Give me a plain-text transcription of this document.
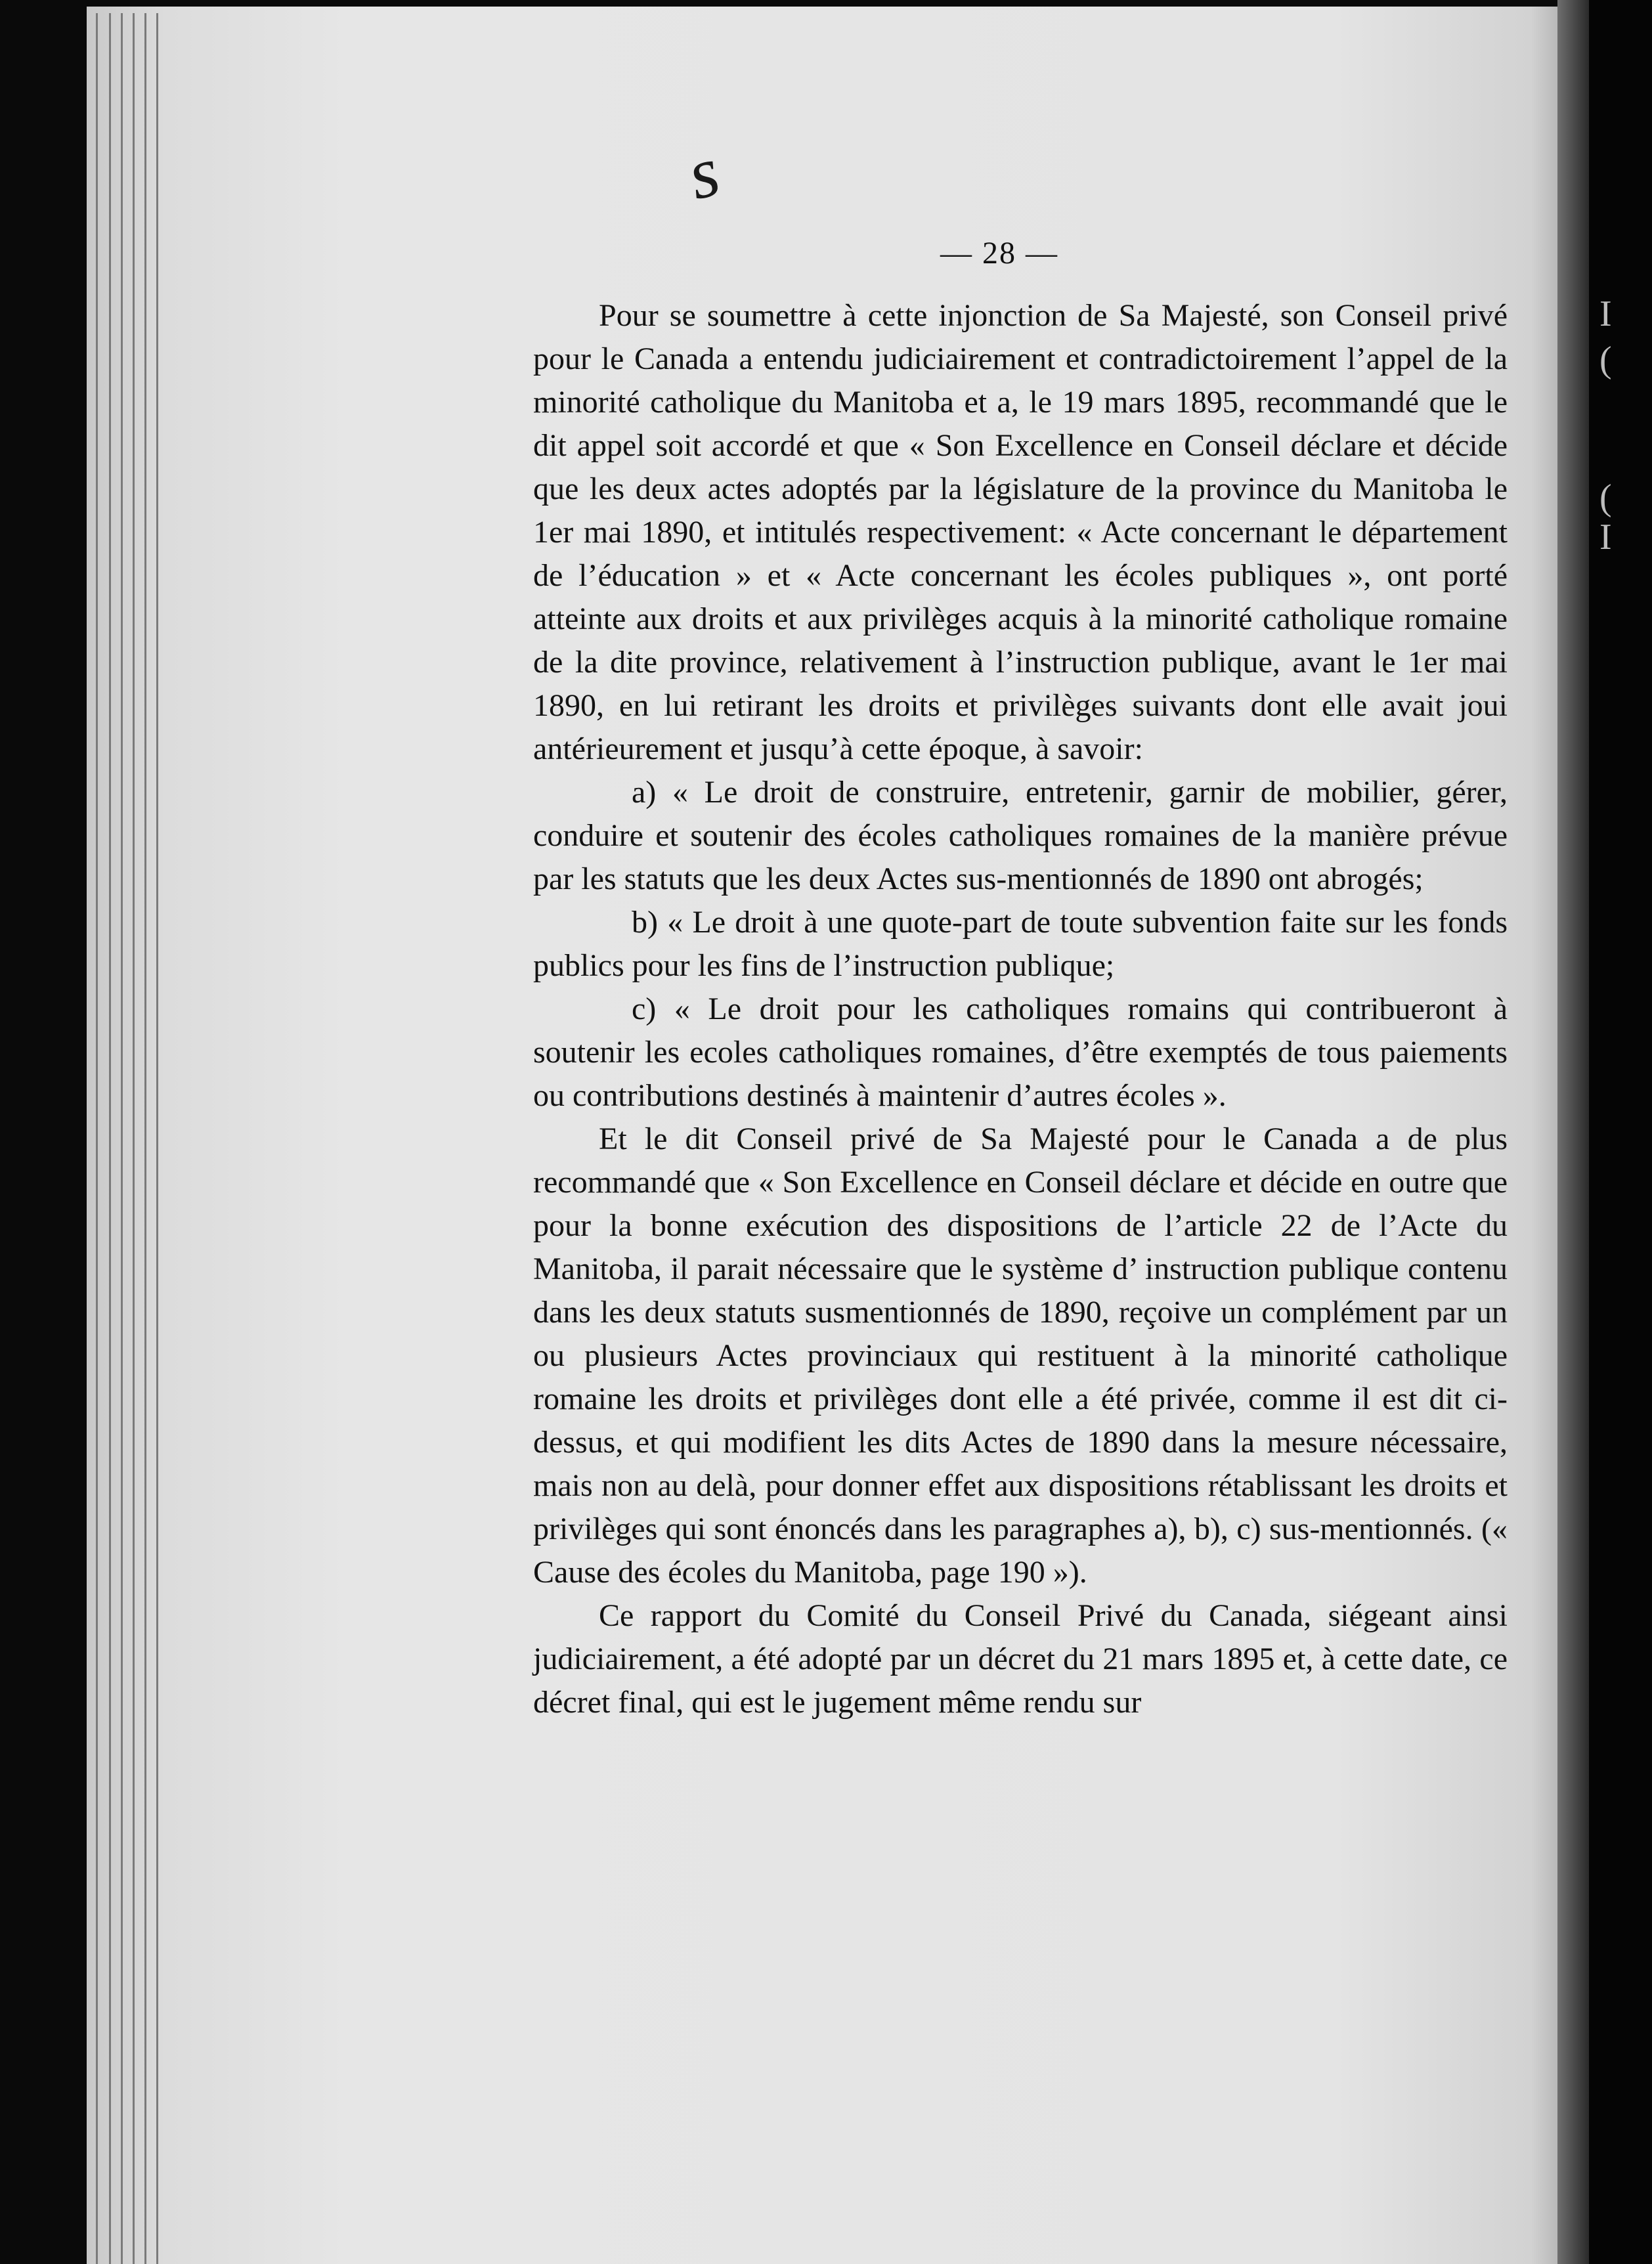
I
(
(
I
s
— 28 —

Pour se soumettre à cette injonction de Sa Majesté, son Conseil privé pour le Canada a entendu judiciairement et contradictoirement l’appel de la minorité catholique du Manitoba et a, le 19 mars 1895, recommandé que le dit appel soit accordé et que « Son Excellence en Conseil déclare et décide que les deux actes adoptés par la législature de la province du Manitoba le 1er mai 1890, et intitulés respectivement: « Acte concernant le département de l’éducation » et « Acte concernant les écoles publiques », ont porté atteinte aux droits et aux privilèges acquis à la minorité catholique romaine de la dite province, relativement à l’instruction publique, avant le 1er mai 1890, en lui retirant les droits et privilèges suivants dont elle avait joui antérieurement et jusqu’à cette époque, à savoir:

a) « Le droit de construire, entretenir, garnir de mobilier, gérer, conduire et soutenir des écoles catholiques romaines de la manière prévue par les statuts que les deux Actes sus-mentionnés de 1890 ont abrogés;

b) « Le droit à une quote-part de toute subvention faite sur les fonds publics pour les fins de l’instruction publique;

c) « Le droit pour les catholiques romains qui contribueront à soutenir les ecoles catholiques romaines, d’être exemptés de tous paiements ou contributions destinés à maintenir d’autres écoles ».

Et le dit Conseil privé de Sa Majesté pour le Canada a de plus recommandé que « Son Excellence en Conseil déclare et décide en outre que pour la bonne exécution des dispositions de l’article 22 de l’Acte du Manitoba, il parait nécessaire que le système d’ instruction publique contenu dans les deux statuts susmentionnés de 1890, reçoive un complément par un ou plusieurs Actes provinciaux qui restituent à la minorité catholique romaine les droits et privilèges dont elle a été privée, comme il est dit ci-dessus, et qui modifient les dits Actes de 1890 dans la mesure nécessaire, mais non au delà, pour donner effet aux dispositions rétablissant les droits et privilèges qui sont énoncés dans les paragraphes a), b), c) sus-mentionnés. (« Cause des écoles du Manitoba, page 190 »).

Ce rapport du Comité du Conseil Privé du Canada, siégeant ainsi judiciairement, a été adopté par un décret du 21 mars 1895 et, à cette date, ce décret final, qui est le jugement même rendu sur
